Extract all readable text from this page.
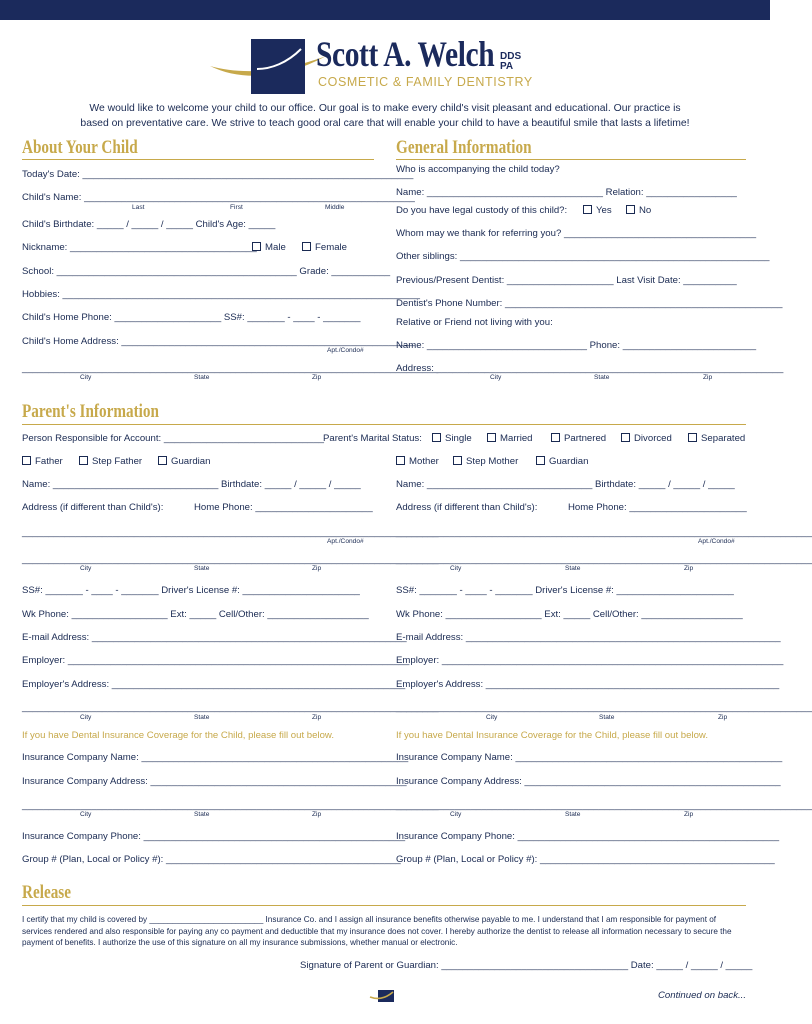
Scott A. Welch DDS
PA
COSMETIC & FAMILY DENTISTRY
We would like to welcome your child to our office. Our goal is to make every child's visit pleasant and educational. Our practice is
based on preventative care. We strive to teach good oral care that will enable your child to have a beautiful smile that lasts a lifetime!
About Your Child	General Information
Today's Date: ______________________________________________________________
Child's Name: ______________________________________________________________
Last	First	Middle
Child's Birthdate: _____ / _____ / _____ Child's Age: _____
Nickname: ___________________________________ Male	Female
School: _____________________________________________ Grade: ___________
Hobbies: ___________________________________________________________________
Child's Home Phone: ____________________ SS#: _______ - ____ - _______
Child's Home Address: _______________________________________________________
Apt./Condo#
______________________________________________________________________________
City	State	Zip
Who is accompanying the child today?
Name: _________________________________ Relation: _________________
Do you have legal custody of this child?:	Yes	No
Whom may we thank for referring you? ____________________________________
Other siblings: __________________________________________________________
Previous/Present Dentist: ____________________ Last Visit Date: __________
Dentist's Phone Number: ____________________________________________________
Relative or Friend not living with you:
Name: ______________________________ Phone: _________________________
Address: _________________________________________________________________
City	State	Zip
Parent's Information
Person Responsible for Account: ______________________________ Parent's Marital Status:	Single	Married	Partnered	Divorced	Separated
Father	Step Father	Guardian
Name: _______________________________ Birthdate: _____ / _____ / _____
Address (if different than Child's):	Home Phone: ______________________
______________________________________________________________________________
Apt./Condo#
______________________________________________________________________________
City	State	Zip
SS#: _______ - ____ - _______ Driver's License #: ______________________
Wk Phone: __________________ Ext: _____ Cell/Other: ___________________
E-mail Address: ___________________________________________________________
Employer: ________________________________________________________________
Employer's Address: _______________________________________________________
______________________________________________________________________________
City	State	Zip
If you have Dental Insurance Coverage for the Child, please fill out below.
Insurance Company Name: __________________________________________________
Insurance Company Address: ________________________________________________
______________________________________________________________________________
City	State	Zip
Insurance Company Phone: _________________________________________________
Group # (Plan, Local or Policy #): ____________________________________________
Mother	Step Mother	Guardian
Name: _______________________________ Birthdate: _____ / _____ / _____
Address (if different than Child's):	Home Phone: ______________________
______________________________________________________________________________
Apt./Condo#
______________________________________________________________________________
City	State	Zip
SS#: _______ - ____ - _______ Driver's License #: ______________________
Wk Phone: __________________ Ext: _____ Cell/Other: ___________________
E-mail Address: ___________________________________________________________
Employer: ________________________________________________________________
Employer's Address: _______________________________________________________
______________________________________________________________________________
City	State	Zip
If you have Dental Insurance Coverage for the Child, please fill out below.
Insurance Company Name: __________________________________________________
Insurance Company Address: ________________________________________________
______________________________________________________________________________
City	State	Zip
Insurance Company Phone: _________________________________________________
Group # (Plan, Local or Policy #): ____________________________________________
Release
I certify that my child is covered by _________________________ Insurance Co. and I assign all insurance benefits otherwise payable to me. I understand that I am responsible for payment of services rendered and also responsible for paying any co payment and deductible that my insurance does not cover. I hereby authorize the dentist to release all information necessary to secure the payment of benefits. I authorize the use of this signature on all my insurance submissions, whether manual or electronic.
Signature of Parent or Guardian: ___________________________________ Date: _____ / _____ / _____
Continued on back...
